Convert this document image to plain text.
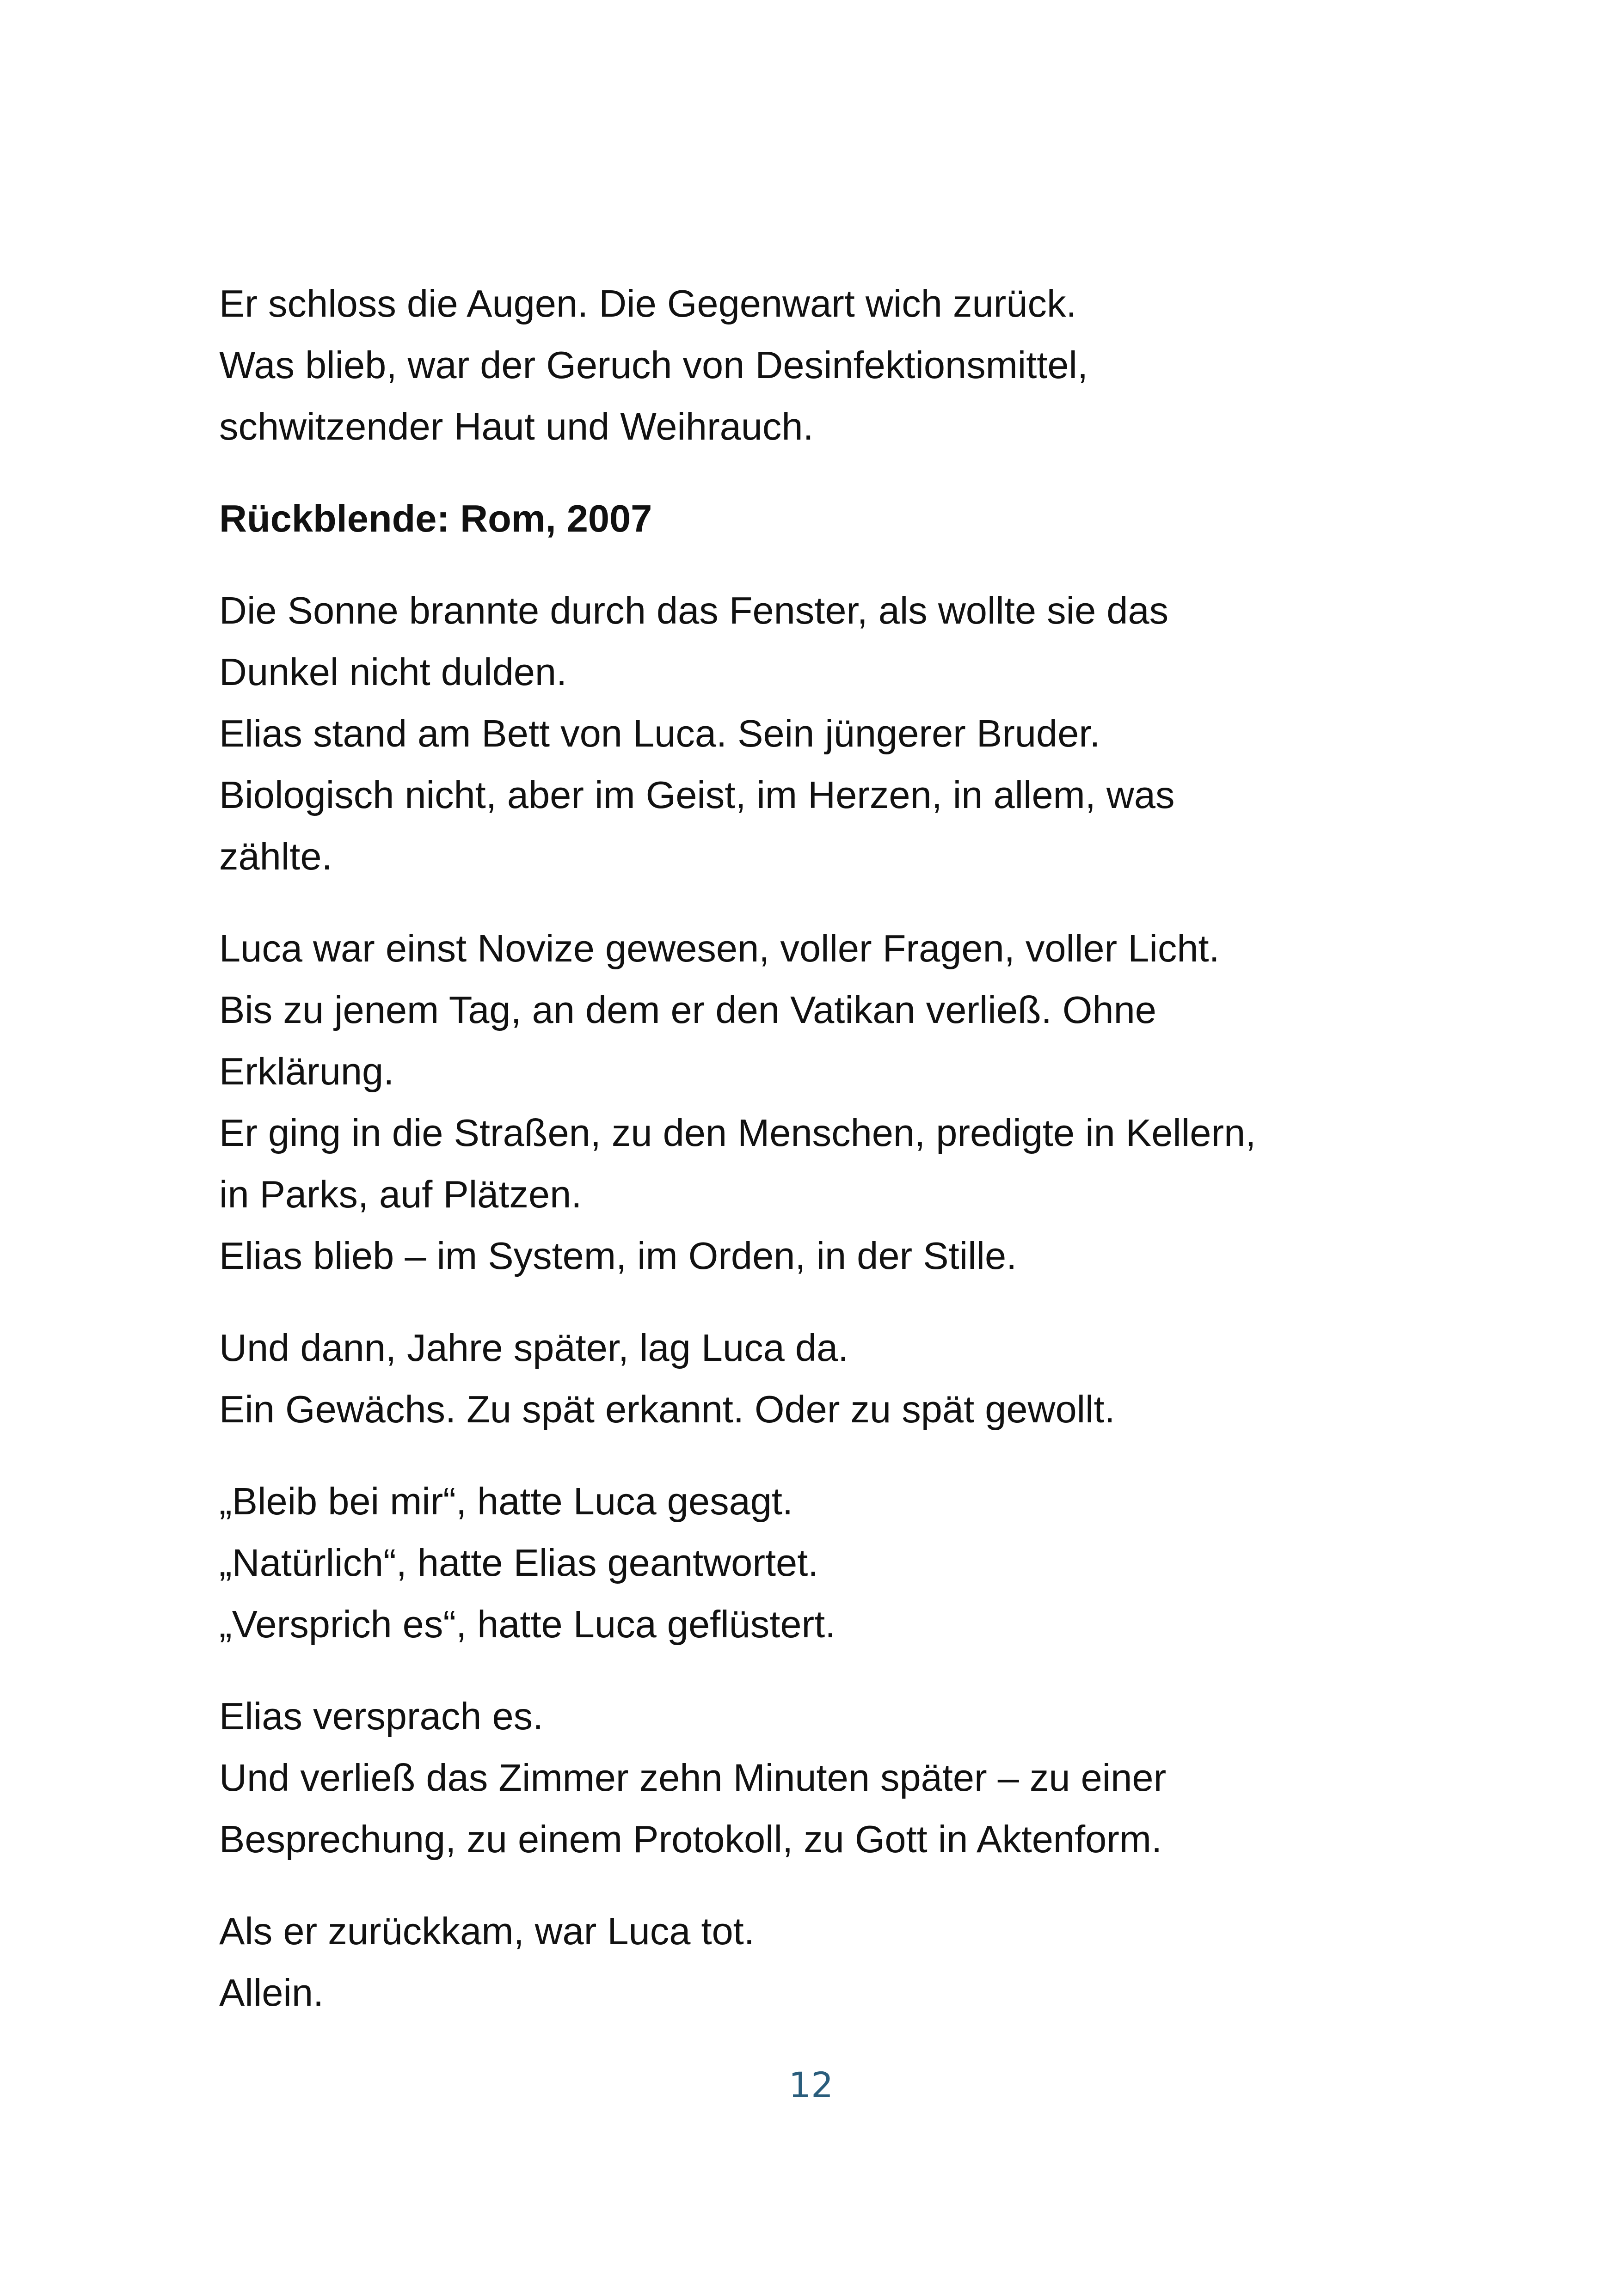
Er schloss die Augen. Die Gegenwart wich zurück.
Was blieb, war der Geruch von Desinfektionsmittel,
schwitzender Haut und Weihrauch.
Rückblende: Rom, 2007
Die Sonne brannte durch das Fenster, als wollte sie das
Dunkel nicht dulden.
Elias stand am Bett von Luca. Sein jüngerer Bruder.
Biologisch nicht, aber im Geist, im Herzen, in allem, was
zählte.
Luca war einst Novize gewesen, voller Fragen, voller Licht.
Bis zu jenem Tag, an dem er den Vatikan verließ. Ohne
Erklärung.
Er ging in die Straßen, zu den Menschen, predigte in Kellern,
in Parks, auf Plätzen.
Elias blieb – im System, im Orden, in der Stille.
Und dann, Jahre später, lag Luca da.
Ein Gewächs. Zu spät erkannt. Oder zu spät gewollt.
„Bleib bei mir“, hatte Luca gesagt.
„Natürlich“, hatte Elias geantwortet.
„Versprich es“, hatte Luca geflüstert.
Elias versprach es.
Und verließ das Zimmer zehn Minuten später – zu einer
Besprechung, zu einem Protokoll, zu Gott in Aktenform.
Als er zurückkam, war Luca tot.
Allein.
12
